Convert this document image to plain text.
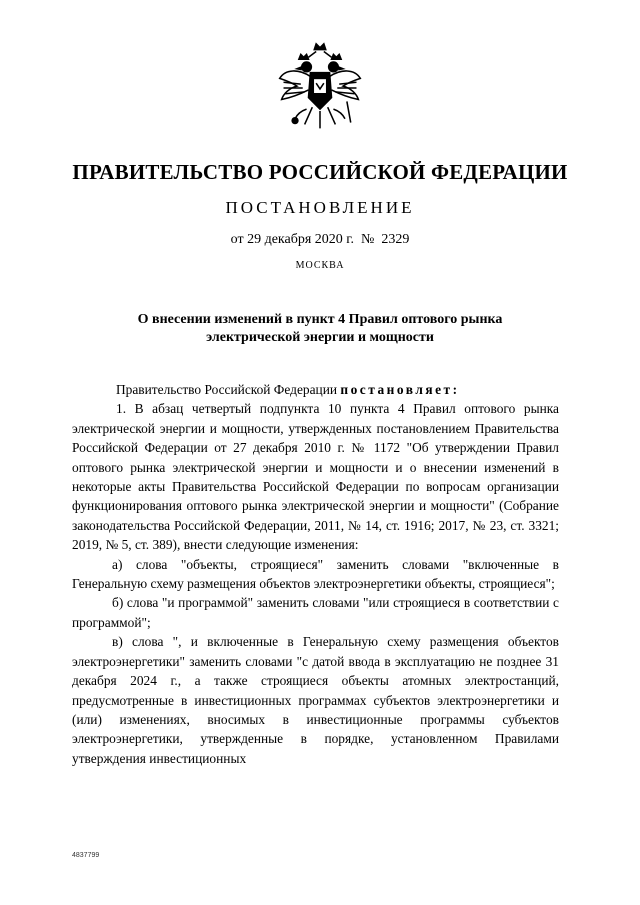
ПРАВИТЕЛЬСТВО РОССИЙСКОЙ ФЕДЕРАЦИИ
ПОСТАНОВЛЕНИЕ
от 29 декабря 2020 г.  №  2329
МОСКВА
О внесении изменений в пункт 4 Правил оптового рынка
электрической энергии и мощности

Правительство Российской Федерации постановляет:

1. В абзац четвертый подпункта 10 пункта 4 Правил оптового рынка электрической энергии и мощности, утвержденных постановлением Правительства Российской Федерации от 27 декабря 2010 г. № 1172 "Об утверждении Правил оптового рынка электрической энергии и мощности и о внесении изменений в некоторые акты Правительства Российской Федерации по вопросам организации функционирования оптового рынка электрической энергии и мощности" (Собрание законодательства Российской Федерации, 2011, № 14, ст. 1916; 2017, № 23, ст. 3321; 2019, № 5, ст. 389), внести следующие изменения:

а) слова "объекты, строящиеся" заменить словами "включенные в Генеральную схему размещения объектов электроэнергетики объекты, строящиеся";

б) слова "и программой" заменить словами "или строящиеся в соответствии с программой";

в) слова ", и включенные в Генеральную схему размещения объектов электроэнергетики" заменить словами "с датой ввода в эксплуатацию не позднее 31 декабря 2024 г., а также строящиеся объекты атомных электростанций, предусмотренные в инвестиционных программах субъектов электроэнергетики и (или) изменениях, вносимых в инвестиционные программы субъектов электроэнергетики, утвержденные в порядке, установленном Правилами утверждения инвестиционных

4837799
